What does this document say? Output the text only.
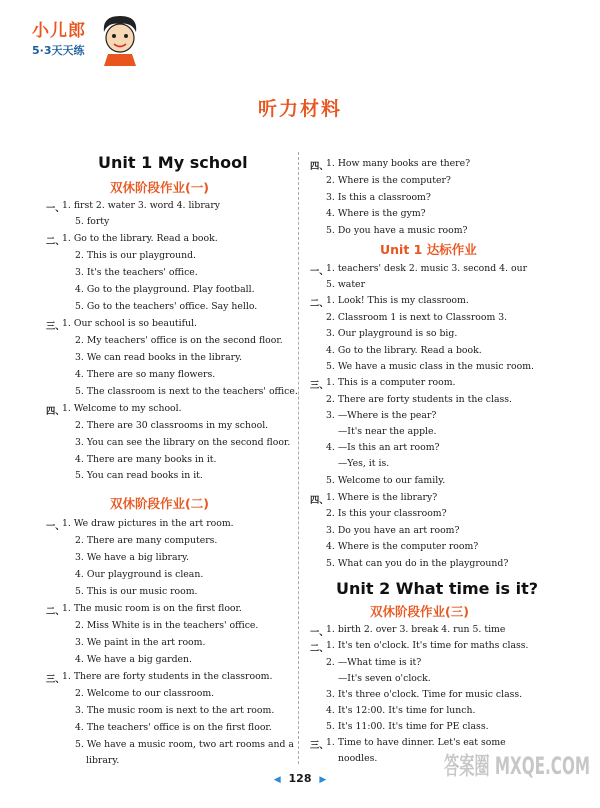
小儿郎
5·3天天练
听力材料
Unit 1 My school
双休阶段作业(一)
一、
1. first 2. water 3. word 4. library
5. forty
二、
1. Go to the library. Read a book.
2. This is our playground.
3. It's the teachers' office.
4. Go to the playground. Play football.
5. Go to the teachers' office. Say hello.
三、
1. Our school is so beautiful.
2. My teachers' office is on the second floor.
3. We can read books in the library.
4. There are so many flowers.
5. The classroom is next to the teachers' office.
四、
1. Welcome to my school.
2. There are 30 classrooms in my school.
3. You can see the library on the second floor.
4. There are many books in it.
5. You can read books in it.
双休阶段作业(二)
一、
1. We draw pictures in the art room.
2. There are many computers.
3. We have a big library.
4. Our playground is clean.
5. This is our music room.
二、
1. The music room is on the first floor.
2. Miss White is in the teachers' office.
3. We paint in the art room.
4. We have a big garden.
三、
1. There are forty students in the classroom.
2. Welcome to our classroom.
3. The music room is next to the art room.
4. The teachers' office is on the first floor.
5. We have a music room, two art rooms and a
library.
四、
1. How many books are there?
2. Where is the computer?
3. Is this a classroom?
4. Where is the gym?
5. Do you have a music room?
Unit 1 达标作业
一、
1. teachers' desk 2. music 3. second 4. our
5. water
二、
1. Look! This is my classroom.
2. Classroom 1 is next to Classroom 3.
3. Our playground is so big.
4. Go to the library. Read a book.
5. We have a music class in the music room.
三、
1. This is a computer room.
2. There are forty students in the class.
3. —Where is the pear?
—It's near the apple.
4. —Is this an art room?
—Yes, it is.
5. Welcome to our family.
四、
1. Where is the library?
2. Is this your classroom?
3. Do you have an art room?
4. Where is the computer room?
5. What can you do in the playground?
Unit 2 What time is it?
双休阶段作业(三)
一、
1. birth 2. over 3. break 4. run 5. time
二、
1. It's ten o'clock. It's time for maths class.
2. —What time is it?
—It's seven o'clock.
3. It's three o'clock. Time for music class.
4. It's 12:00. It's time for lunch.
5. It's 11:00. It's time for PE class.
三、
1. Time to have dinner. Let's eat some
noodles.
◀ 128 ▶	答案圈 MXQE.COM
